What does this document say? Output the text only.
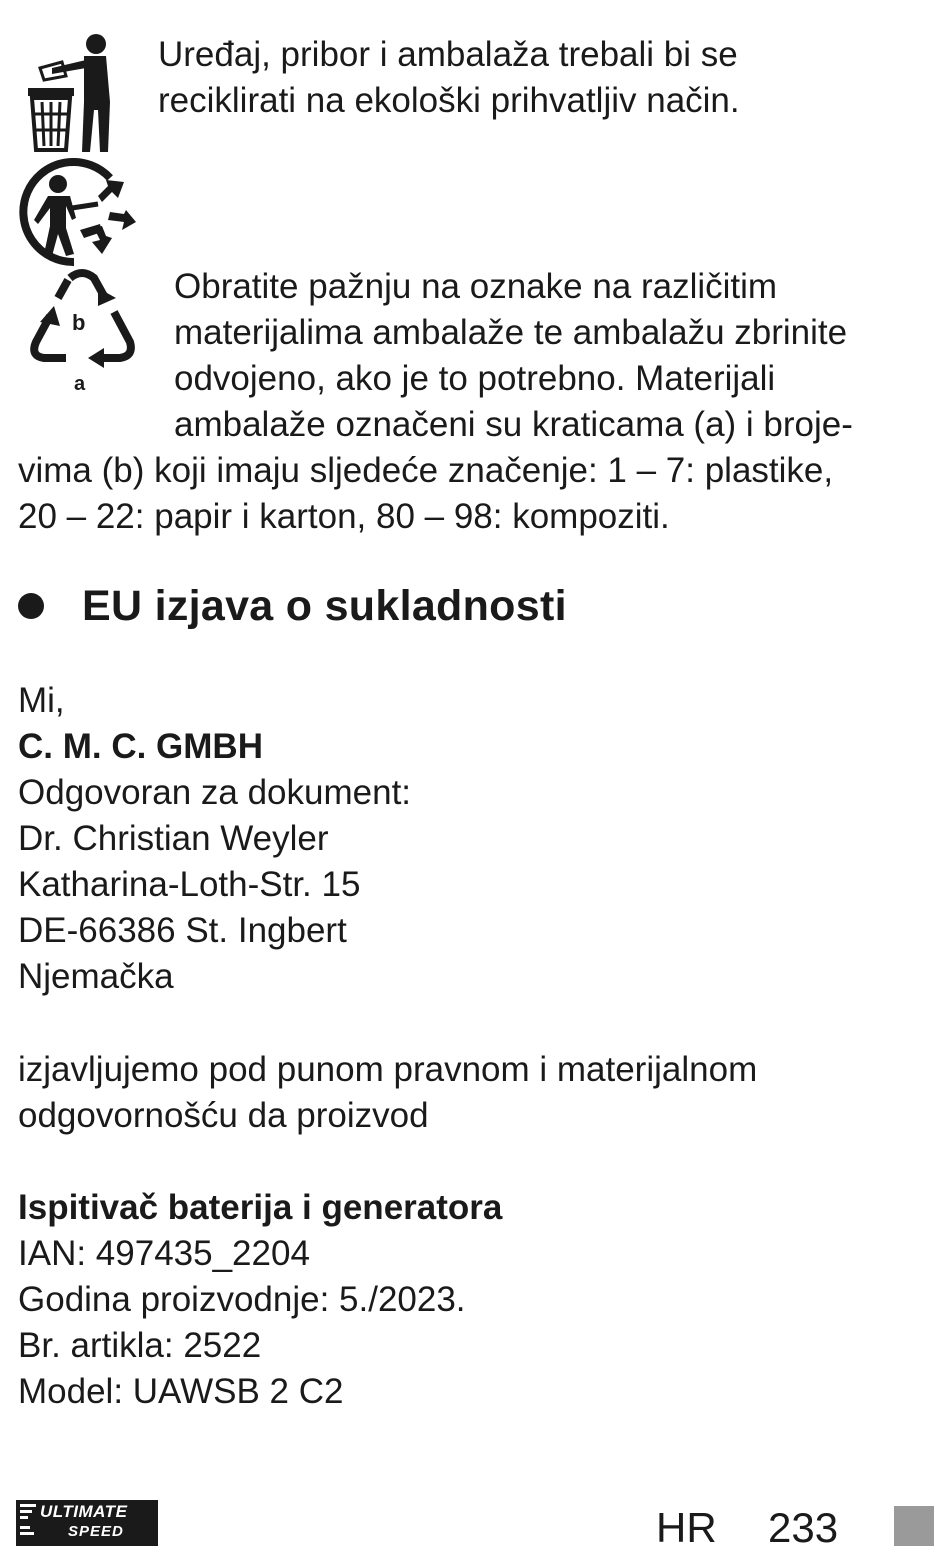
b
a
Uređaj, pribor i ambalaža trebali bi se
reciklirati na ekološki prihvatljiv način.
Obratite pažnju na oznake na različitim
materijalima ambalaže te ambalažu zbrinite
odvojeno, ako je to potrebno. Materijali
ambalaže označeni su kraticama (a) i broje-
vima (b) koji imaju sljedeće značenje: 1 – 7: plastike,
20 – 22: papir i karton, 80 – 98: kompoziti.
EU izjava o sukladnosti
Mi,
C. M. C. GMBH
Odgovoran za dokument:
Dr. Christian Weyler
Katharina-Loth-Str. 15
DE-66386 St. Ingbert
Njemačka
izjavljujemo pod punom pravnom i materijalnom
odgovornošću da proizvod
Ispitivač baterija i generatora
IAN: 497435_2204
Godina proizvodnje: 5./2023.
Br. artikla: 2522
Model: UAWSB 2 C2
ULTIMATE
SPEED	HR 233
